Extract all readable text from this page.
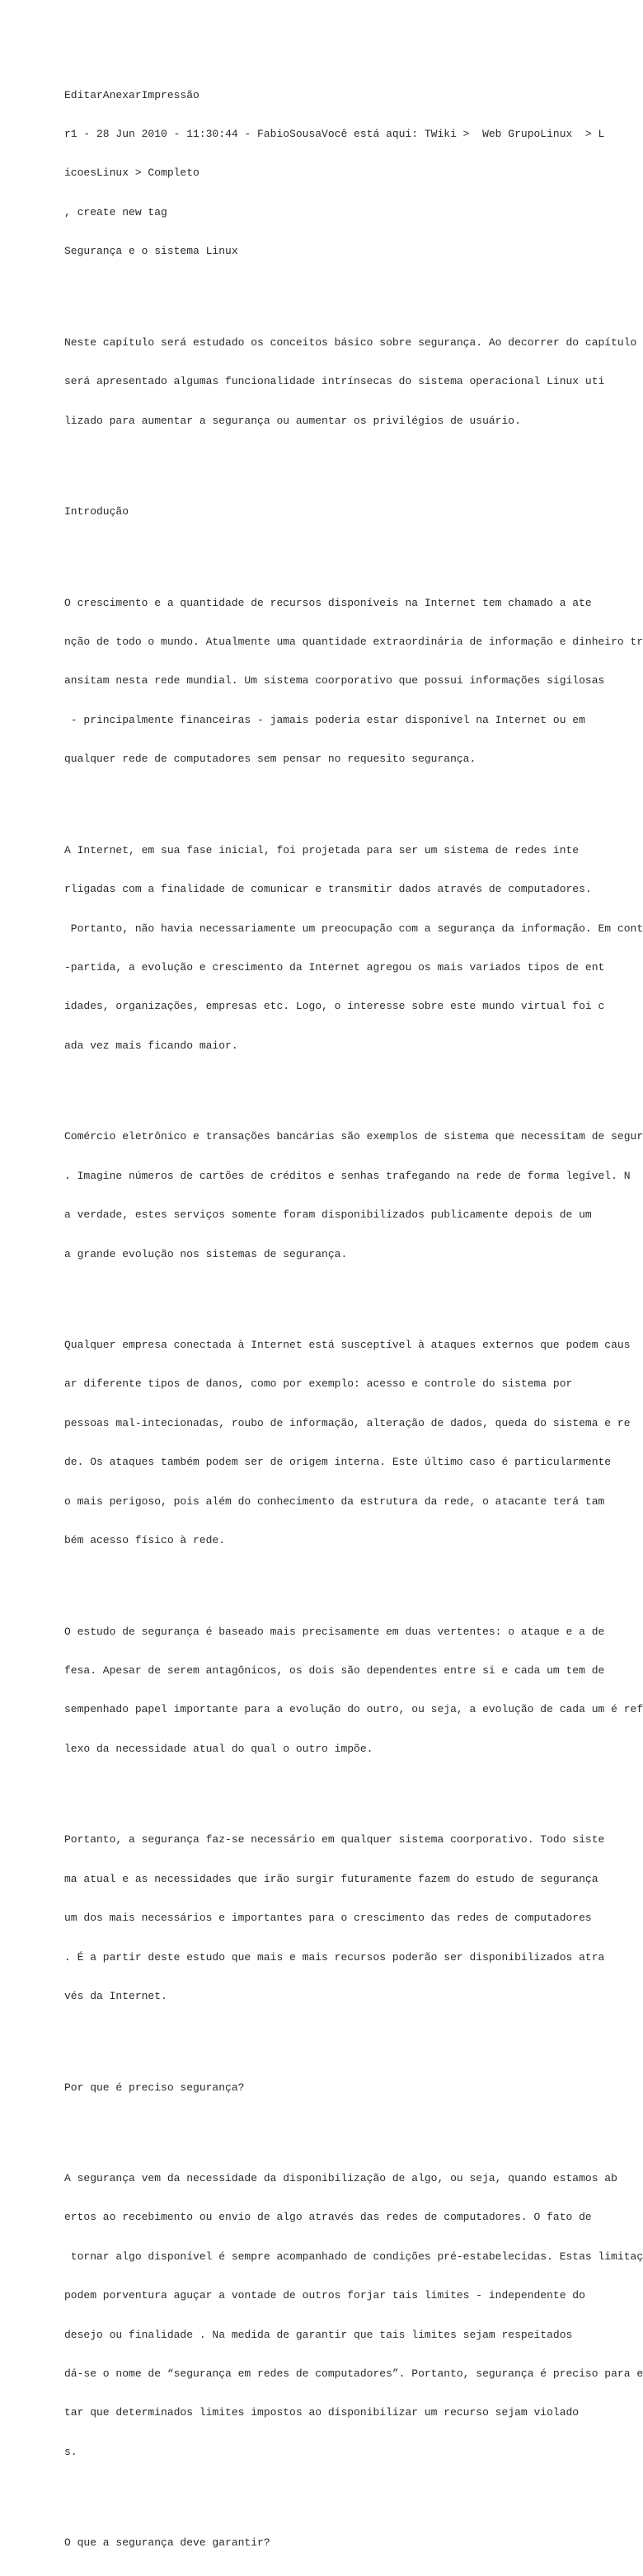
EditarAnexarImpressão

r1 - 28 Jun 2010 - 11:30:44 - FabioSousaVocê está aqui: TWiki >  Web GrupoLinux  > L

icoesLinux > Completo

, create new tag

Segurança e o sistema Linux

Neste capítulo será estudado os conceitos básico sobre segurança. Ao decorrer do capítulo

será apresentado algumas funcionalidade intrínsecas do sistema operacional Linux uti

lizado para aumentar a segurança ou aumentar os privilégios de usuário.

Introdução

O crescimento e a quantidade de recursos disponíveis na Internet tem chamado a ate

nção de todo o mundo. Atualmente uma quantidade extraordinária de informação e dinheiro tr

ansitam nesta rede mundial. Um sistema coorporativo que possui informações sigilosas

- principalmente financeiras - jamais poderia estar disponível na Internet ou em

qualquer rede de computadores sem pensar no requesito segurança.

A Internet, em sua fase inicial, foi projetada para ser um sistema de redes inte

rligadas com a finalidade de comunicar e transmitir dados através de computadores.

Portanto, não havia necessariamente um preocupação com a segurança da informação. Em cont

-partida, a evolução e crescimento da Internet agregou os mais variados tipos de ent

idades, organizações, empresas etc. Logo, o interesse sobre este mundo virtual foi c

ada vez mais ficando maior.

Comércio eletrônico e transações bancárias são exemplos de sistema que necessitam de segur

. Imagine números de cartões de créditos e senhas trafegando na rede de forma legível. N

a verdade, estes serviços somente foram disponibilizados publicamente depois de um

a grande evolução nos sistemas de segurança.

Qualquer empresa conectada à Internet está susceptível à ataques externos que podem caus

ar diferente tipos de danos, como por exemplo: acesso e controle do sistema por

pessoas mal-intecionadas, roubo de informação, alteração de dados, queda do sistema e re

de. Os ataques também podem ser de origem interna. Este último caso é particularmente

o mais perigoso, pois além do conhecimento da estrutura da rede, o atacante terá tam

bém acesso físico à rede.

O estudo de segurança é baseado mais precisamente em duas vertentes: o ataque e a de

fesa. Apesar de serem antagônicos, os dois são dependentes entre si e cada um tem de

sempenhado papel importante para a evolução do outro, ou seja, a evolução de cada um é ref

lexo da necessidade atual do qual o outro impõe.

Portanto, a segurança faz-se necessário em qualquer sistema coorporativo. Todo siste

ma atual e as necessidades que irão surgir futuramente fazem do estudo de segurança

um dos mais necessários e importantes para o crescimento das redes de computadores

. É a partir deste estudo que mais e mais recursos poderão ser disponibilizados atra

vés da Internet.

Por que é preciso segurança?

A segurança vem da necessidade da disponibilização de algo, ou seja, quando estamos ab

ertos ao recebimento ou envio de algo através das redes de computadores. O fato de

tornar algo disponível é sempre acompanhado de condições pré-estabelecidas. Estas limitaç

podem porventura aguçar a vontade de outros forjar tais limites - independente do

desejo ou finalidade . Na medida de garantir que tais limites sejam respeitados

dá-se o nome de “segurança em redes de computadores”. Portanto, segurança é preciso para e

tar que determinados limites impostos ao disponibilizar um recurso sejam violado

s.

O que a segurança deve garantir?
